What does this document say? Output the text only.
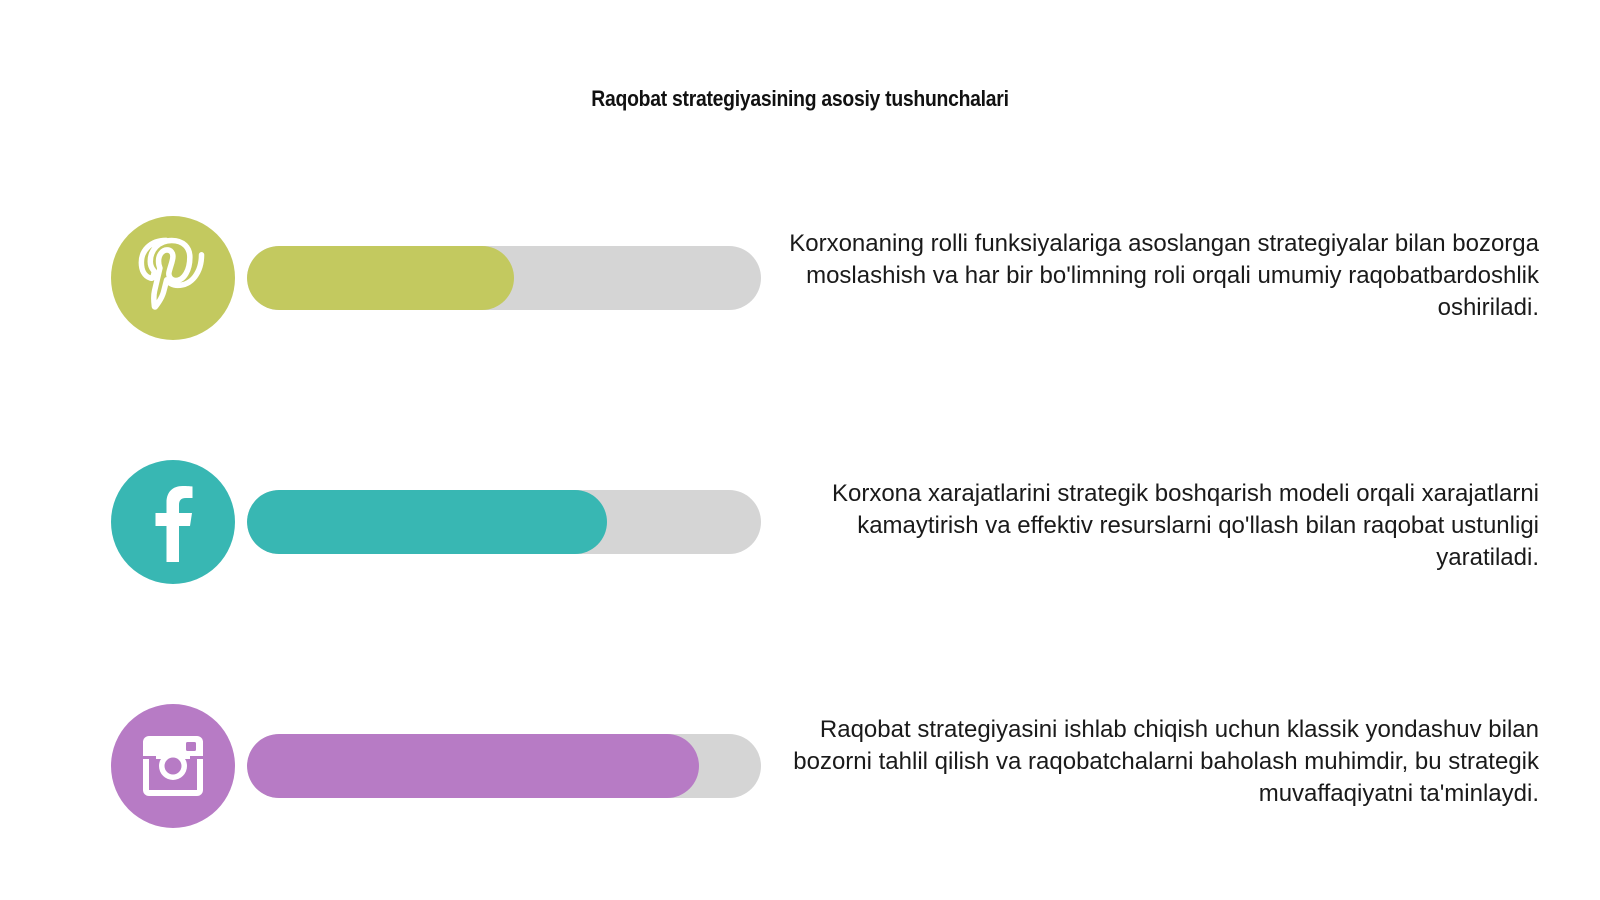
Raqobat strategiyasining asosiy tushunchalari
Korxonaning rolli funksiyalariga asoslangan strategiyalar bilan bozorga moslashish va har bir bo'limning roli orqali umumiy raqobatbardoshlik oshiriladi.
Korxona xarajatlarini strategik boshqarish modeli orqali xarajatlarni kamaytirish va effektiv resurslarni qo'llash bilan raqobat ustunligi yaratiladi.
Raqobat strategiyasini ishlab chiqish uchun klassik yondashuv bilan bozorni tahlil qilish va raqobatchalarni baholash muhimdir, bu strategik muvaffaqiyatni ta'minlaydi.
